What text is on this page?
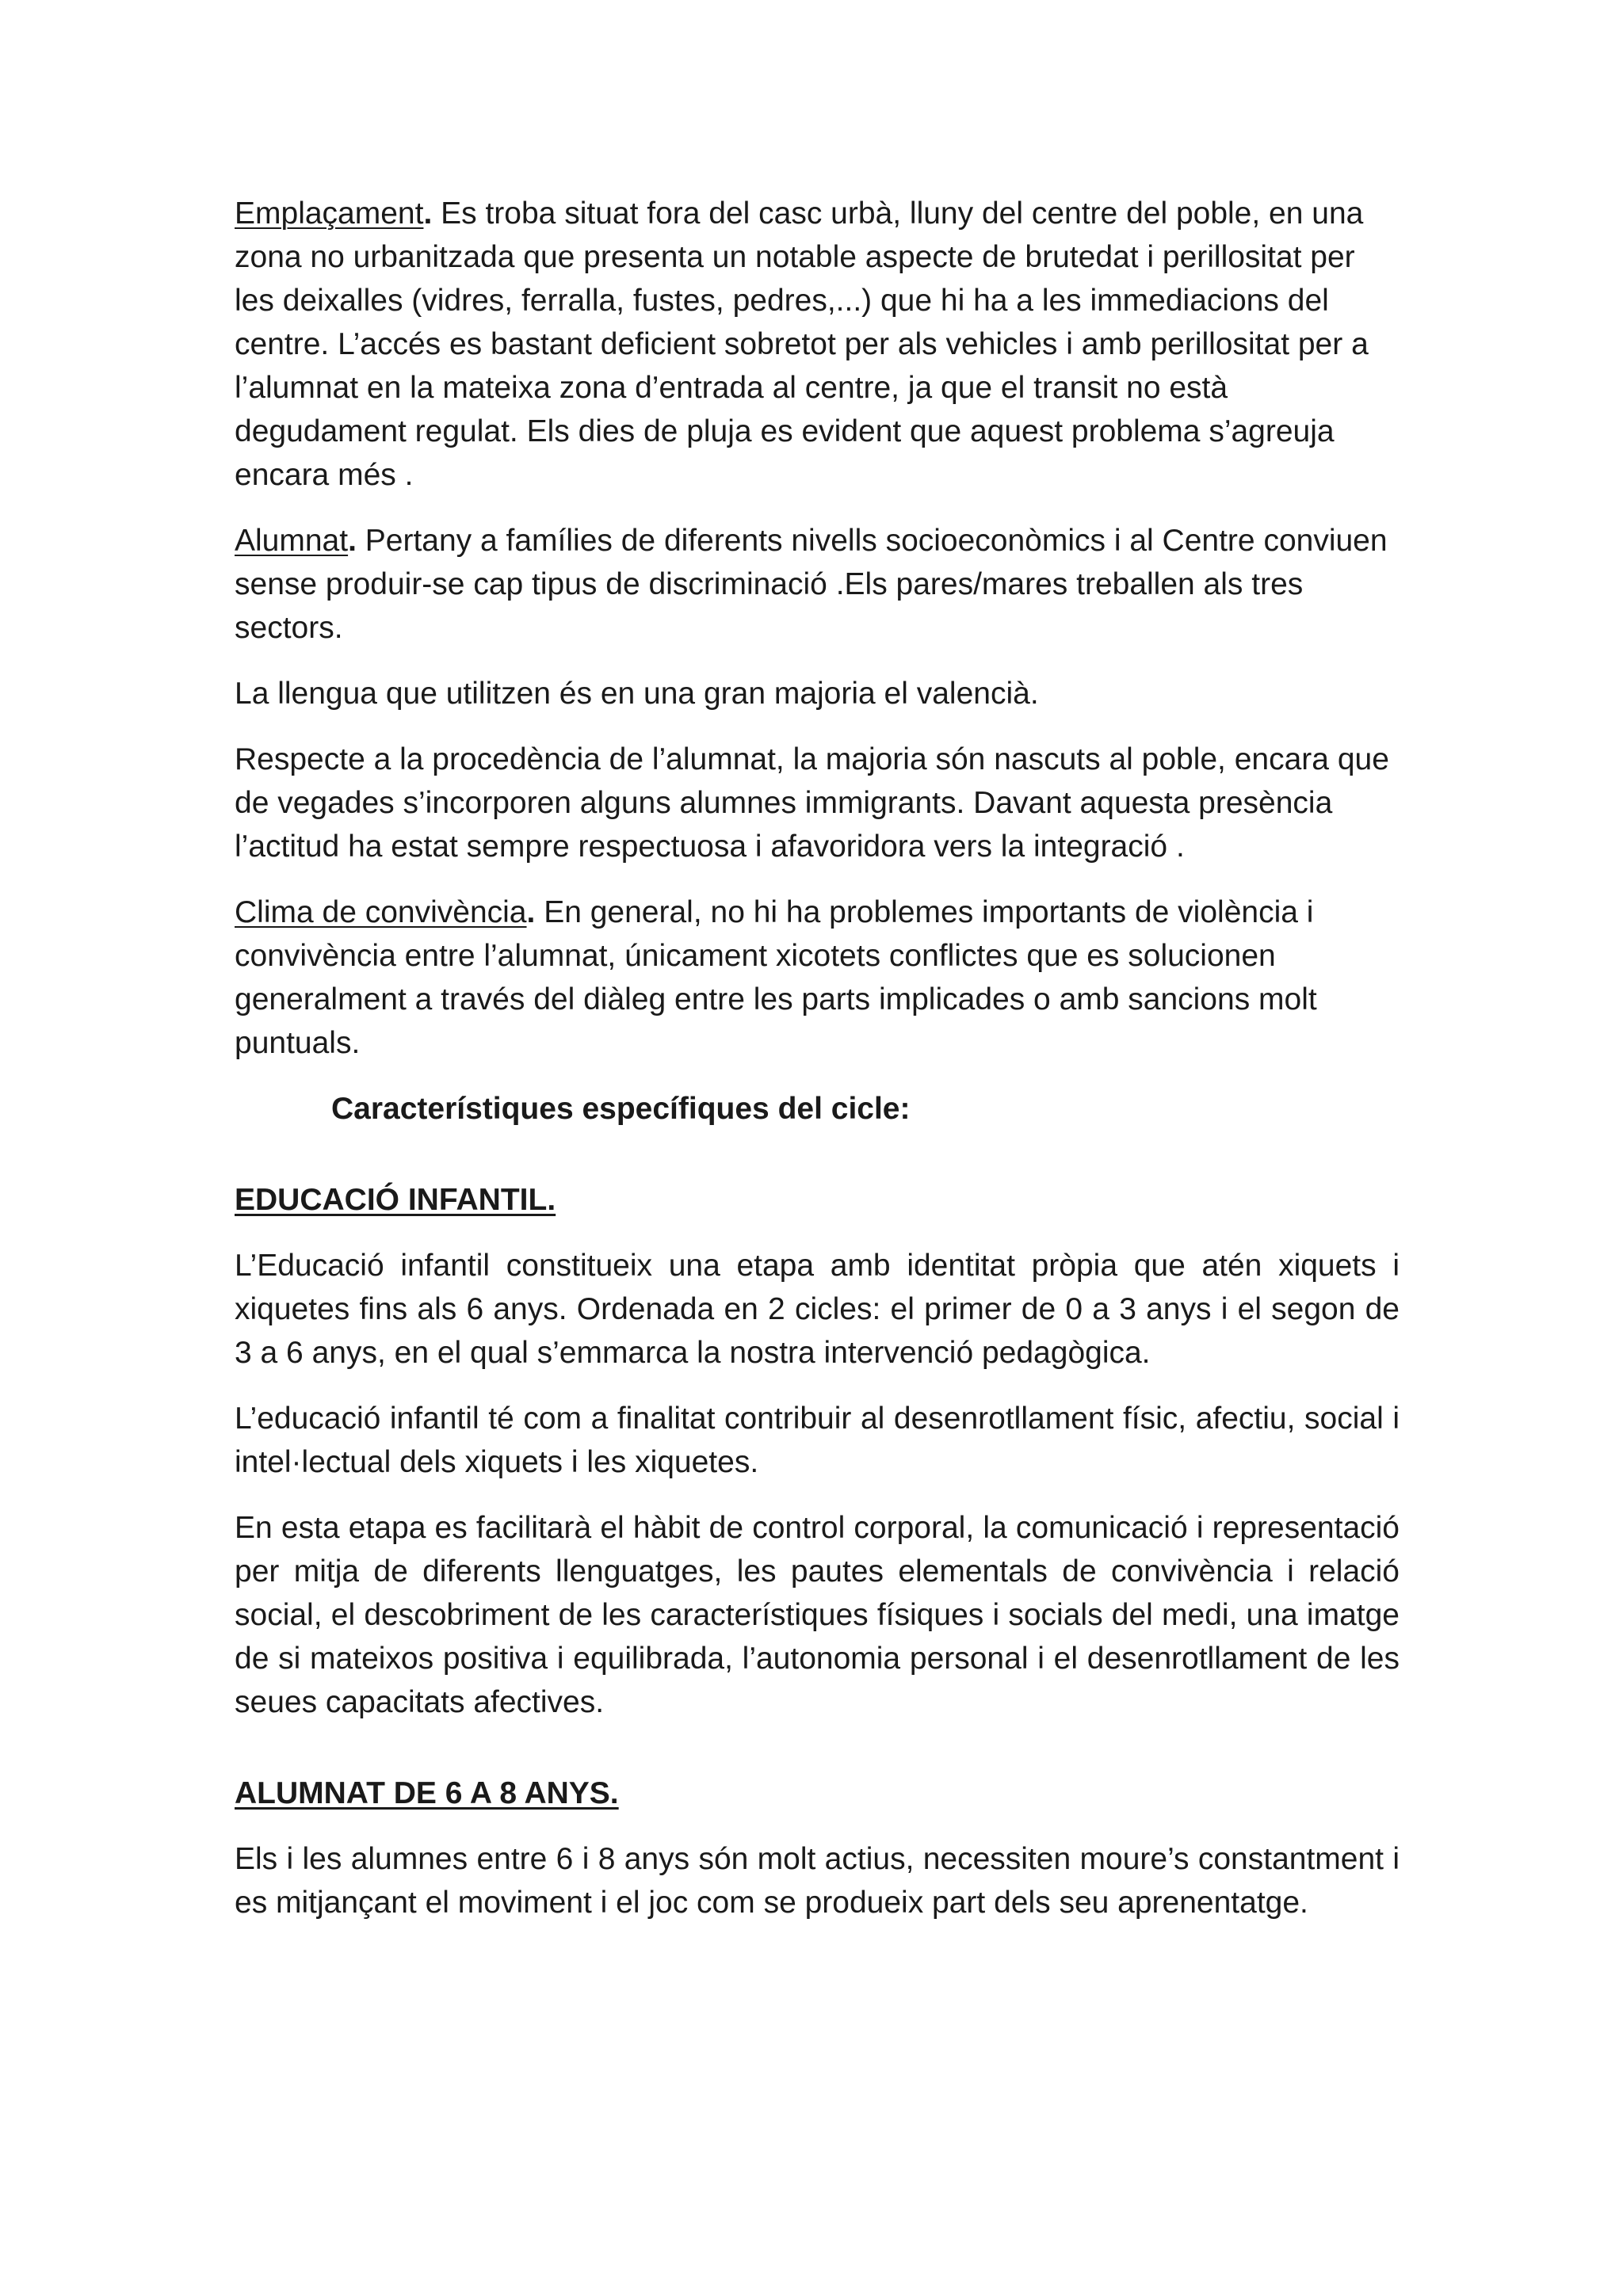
Emplaçament. Es troba situat fora del casc urbà, lluny del centre del poble, en una zona no urbanitzada que presenta un notable aspecte de brutedat i perillositat per les deixalles (vidres, ferralla, fustes, pedres,...) que hi ha a les immediacions del centre. L’accés es bastant deficient sobretot per als vehicles i amb perillositat per a l’alumnat en la mateixa zona d’entrada al centre, ja que el transit no està degudament regulat. Els dies de pluja es evident que aquest problema s’agreuja encara més .

Alumnat. Pertany a famílies de diferents nivells socioeconòmics i al Centre conviuen sense produir-se cap tipus de discriminació .Els pares/mares treballen als tres sectors.

La llengua que utilitzen és en una gran majoria el valencià.

Respecte a la procedència de l’alumnat, la majoria són nascuts al poble, encara que de vegades s’incorporen alguns alumnes immigrants. Davant aquesta presència l’actitud ha estat sempre respectuosa i afavoridora vers la integració .

Clima de convivència. En general, no hi ha problemes importants de violència i convivència entre l’alumnat, únicament xicotets conflictes que es solucionen generalment a través del diàleg entre les parts implicades o amb sancions molt puntuals.

Característiques específiques del cicle:

EDUCACIÓ INFANTIL.

L’Educació infantil constitueix una etapa amb identitat pròpia que atén xiquets i xiquetes fins als 6 anys. Ordenada en 2 cicles: el primer de 0 a 3 anys i el segon de 3 a 6 anys, en el qual s’emmarca la nostra intervenció pedagògica.

L’educació infantil té com a finalitat contribuir al desenrotllament físic, afectiu, social i intel·lectual dels xiquets i les xiquetes.

En esta etapa es facilitarà el hàbit de control corporal, la comunicació i representació per mitja de diferents llenguatges, les pautes elementals de convivència i relació social, el descobriment de les característiques físiques i socials del medi, una imatge de si mateixos positiva i equilibrada, l’autonomia personal i el desenrotllament de les seues capacitats afectives.

ALUMNAT DE 6 A 8 ANYS.

Els i les alumnes entre 6 i 8 anys són molt actius, necessiten moure’s constantment i es mitjançant el moviment i el joc com se produeix part dels seu aprenentatge.
